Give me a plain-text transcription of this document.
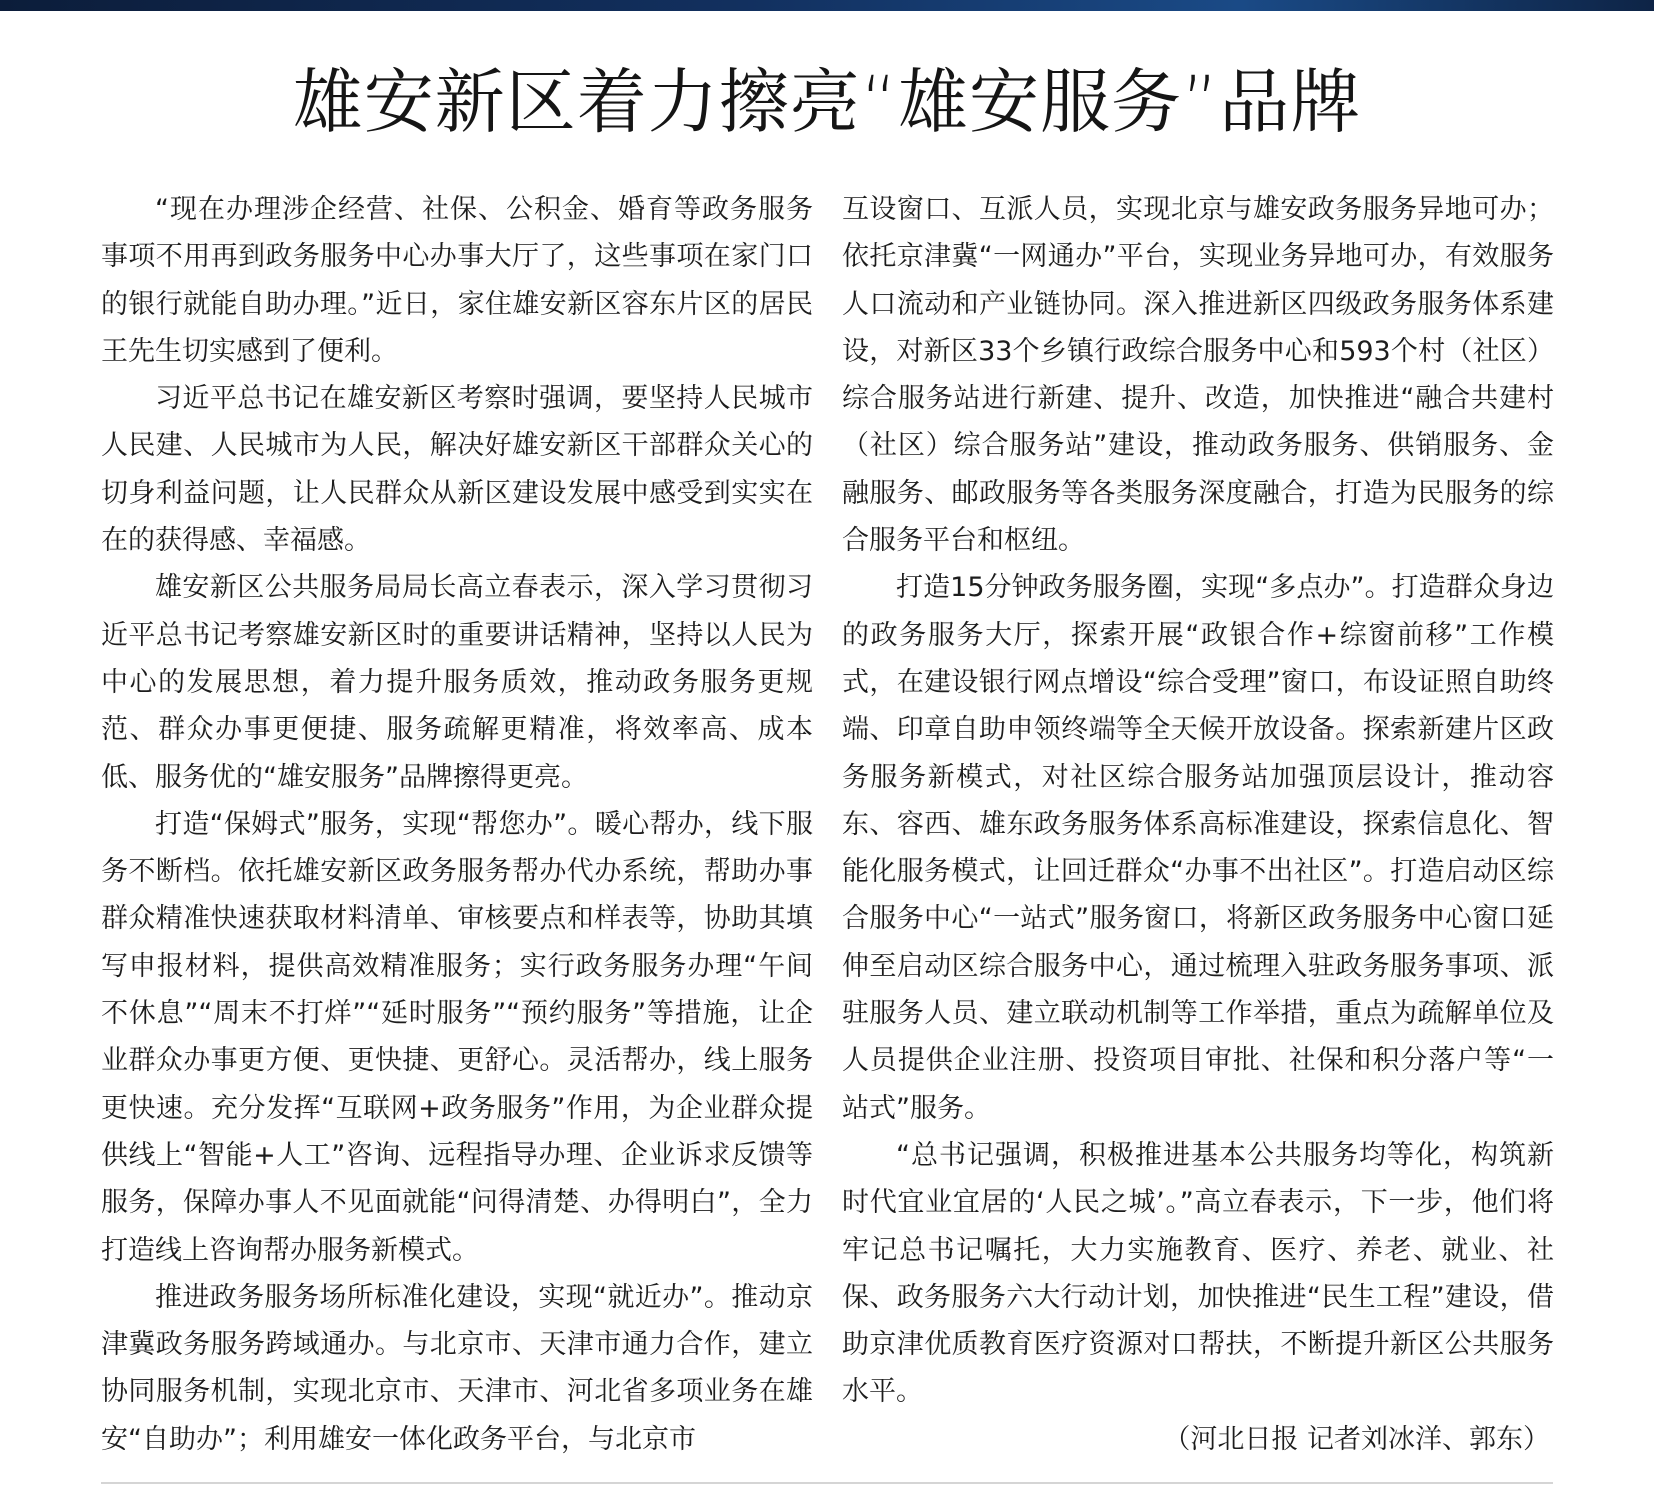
雄安新区着力擦亮“雄安服务”品牌

“现在办理涉企经营、社保、公积金、婚育等政务服务事项不用再到政务服务中心办事大厅了，这些事项在家门口的银行就能自助办理。”近日，家住雄安新区容东片区的居民王先生切实感到了便利。

习近平总书记在雄安新区考察时强调，要坚持人民城市人民建、人民城市为人民，解决好雄安新区干部群众关心的切身利益问题，让人民群众从新区建设发展中感受到实实在在的获得感、幸福感。

雄安新区公共服务局局长高立春表示，深入学习贯彻习近平总书记考察雄安新区时的重要讲话精神，坚持以人民为中心的发展思想，着力提升服务质效，推动政务服务更规范、群众办事更便捷、服务疏解更精准，将效率高、成本低、服务优的“雄安服务”品牌擦得更亮。

打造“保姆式”服务，实现“帮您办”。暖心帮办，线下服务不断档。依托雄安新区政务服务帮办代办系统，帮助办事群众精准快速获取材料清单、审核要点和样表等，协助其填写申报材料，提供高效精准服务；实行政务服务办理“午间不休息”“周末不打烊”“延时服务”“预约服务”等措施，让企业群众办事更方便、更快捷、更舒心。灵活帮办，线上服务更快速。充分发挥“互联网+政务服务”作用，为企业群众提供线上“智能+人工”咨询、远程指导办理、企业诉求反馈等服务，保障办事人不见面就能“问得清楚、办得明白”，全力打造线上咨询帮办服务新模式。

推进政务服务场所标准化建设，实现“就近办”。推动京津冀政务服务跨域通办。与北京市、天津市通力合作，建立协同服务机制，实现北京市、天津市、河北省多项业务在雄安“自助办”；利用雄安一体化政务平台，与北京市

互设窗口、互派人员，实现北京与雄安政务服务异地可办；依托京津冀“一网通办”平台，实现业务异地可办，有效服务人口流动和产业链协同。深入推进新区四级政务服务体系建设，对新区33个乡镇行政综合服务中心和593个村（社区）综合服务站进行新建、提升、改造，加快推进“融合共建村（社区）综合服务站”建设，推动政务服务、供销服务、金融服务、邮政服务等各类服务深度融合，打造为民服务的综合服务平台和枢纽。

打造15分钟政务服务圈，实现“多点办”。打造群众身边的政务服务大厅，探索开展“政银合作+综窗前移”工作模式，在建设银行网点增设“综合受理”窗口，布设证照自助终端、印章自助申领终端等全天候开放设备。探索新建片区政务服务新模式，对社区综合服务站加强顶层设计，推动容东、容西、雄东政务服务体系高标准建设，探索信息化、智能化服务模式，让回迁群众“办事不出社区”。打造启动区综合服务中心“一站式”服务窗口，将新区政务服务中心窗口延伸至启动区综合服务中心，通过梳理入驻政务服务事项、派驻服务人员、建立联动机制等工作举措，重点为疏解单位及人员提供企业注册、投资项目审批、社保和积分落户等“一站式”服务。

“总书记强调，积极推进基本公共服务均等化，构筑新时代宜业宜居的‘人民之城’。”高立春表示，下一步，他们将牢记总书记嘱托，大力实施教育、医疗、养老、就业、社保、政务服务六大行动计划，加快推进“民生工程”建设，借助京津优质教育医疗资源对口帮扶，不断提升新区公共服务水平。

（河北日报 记者刘冰洋、郭东）
